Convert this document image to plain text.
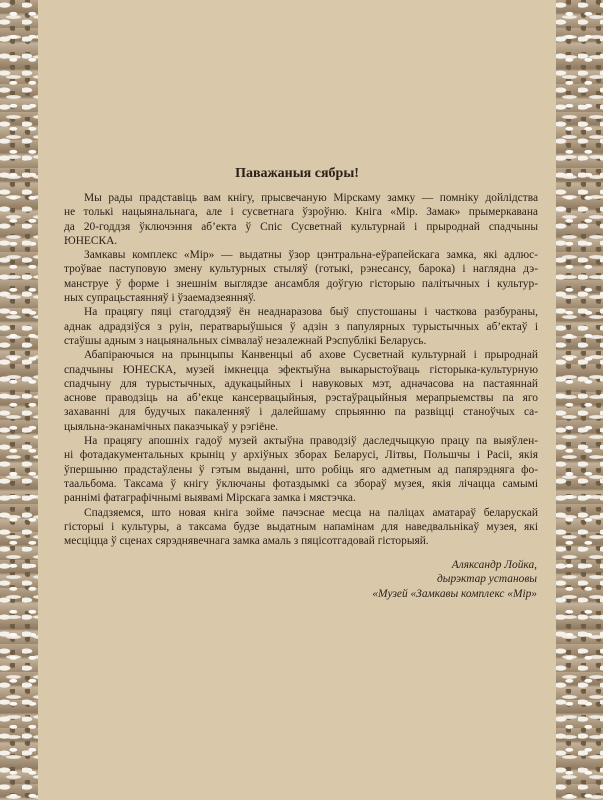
Паважаныя сябры!
Мы рады прадставіць вам кнігу, прысвечаную Мірскаму замку — помніку дойлідства
не толькі нацыянальнага, але і сусветнага ўзроўню. Кніга «Мір. Замак» прымеркавана
да 20-годдзя ўключэння аб’екта ў Спіс Сусветнай культурнай і прыроднай спадчыны
ЮНЕСКА.
Замкавы комплекс «Мір» — выдатны ўзор цэнтральна-еўрапейскага замка, які адлюс-
троўвае паступовую змену культурных стыляў (готыкі, рэнесансу, барока) і наглядна дэ-
манструе ў форме і знешнім выглядзе ансамбля доўгую гісторыю палітычных і культур-
ных супрацьстаянняў і ўзаемадзеянняў.
На працягу пяці стагоддзяў ён неаднаразова быў спустошаны і часткова разбураны,
аднак адрадзіўся з руін, ператварыўшыся ў адзін з папулярных турыстычных аб’ектаў і
стаўшы адным з нацыянальных сімвалаў незалежнай Рэспублікі Беларусь.
Абапіраючыся на прынцыпы Канвенцыі аб ахове Сусветнай культурнай і прыроднай
спадчыны ЮНЕСКА, музей імкнецца эфектыўна выкарыстоўваць гісторыка-культурную
спадчыну для турыстычных, адукацыйных і навуковых мэт, адначасова на пастаяннай
аснове праводзіць на аб’екце кансервацыйныя, рэстаўрацыйныя мерапрыемствы па яго
захаванні для будучых пакаленняў і далейшаму спрыянню па развіцці станоўчых са-
цыяльна-эканамічных паказчыкаў у рэгіёне.
На працягу апошніх гадоў музей актыўна праводзіў даследчыцкую працу па выяўлен-
ні фотадакументальных крыніц у архіўных зборах Беларусі, Літвы, Польшчы і Расіі, якія
ўпершыню прадстаўлены ў гэтым выданні, што робіць яго адметным ад папярэдняга фо-
таальбома. Таксама ў кнігу ўключаны фотаздымкі са збораў музея, якія лічацца самымі
раннімі фатаграфічнымі выявамі Мірскага замка і мястэчка.
Спадзяемся, што новая кніга зойме пачэснае месца на паліцах аматараў беларускай
гісторыі і культуры, а таксама будзе выдатным напамінам для наведвальнікаў музея, які
месціцца ў сценах сярэднявечнага замка амаль з пяцісотгадовай гісторыяй.
Аляксандр Лойка,
дырэктар установы
«Музей «Замкавы комплекс «Мір»
